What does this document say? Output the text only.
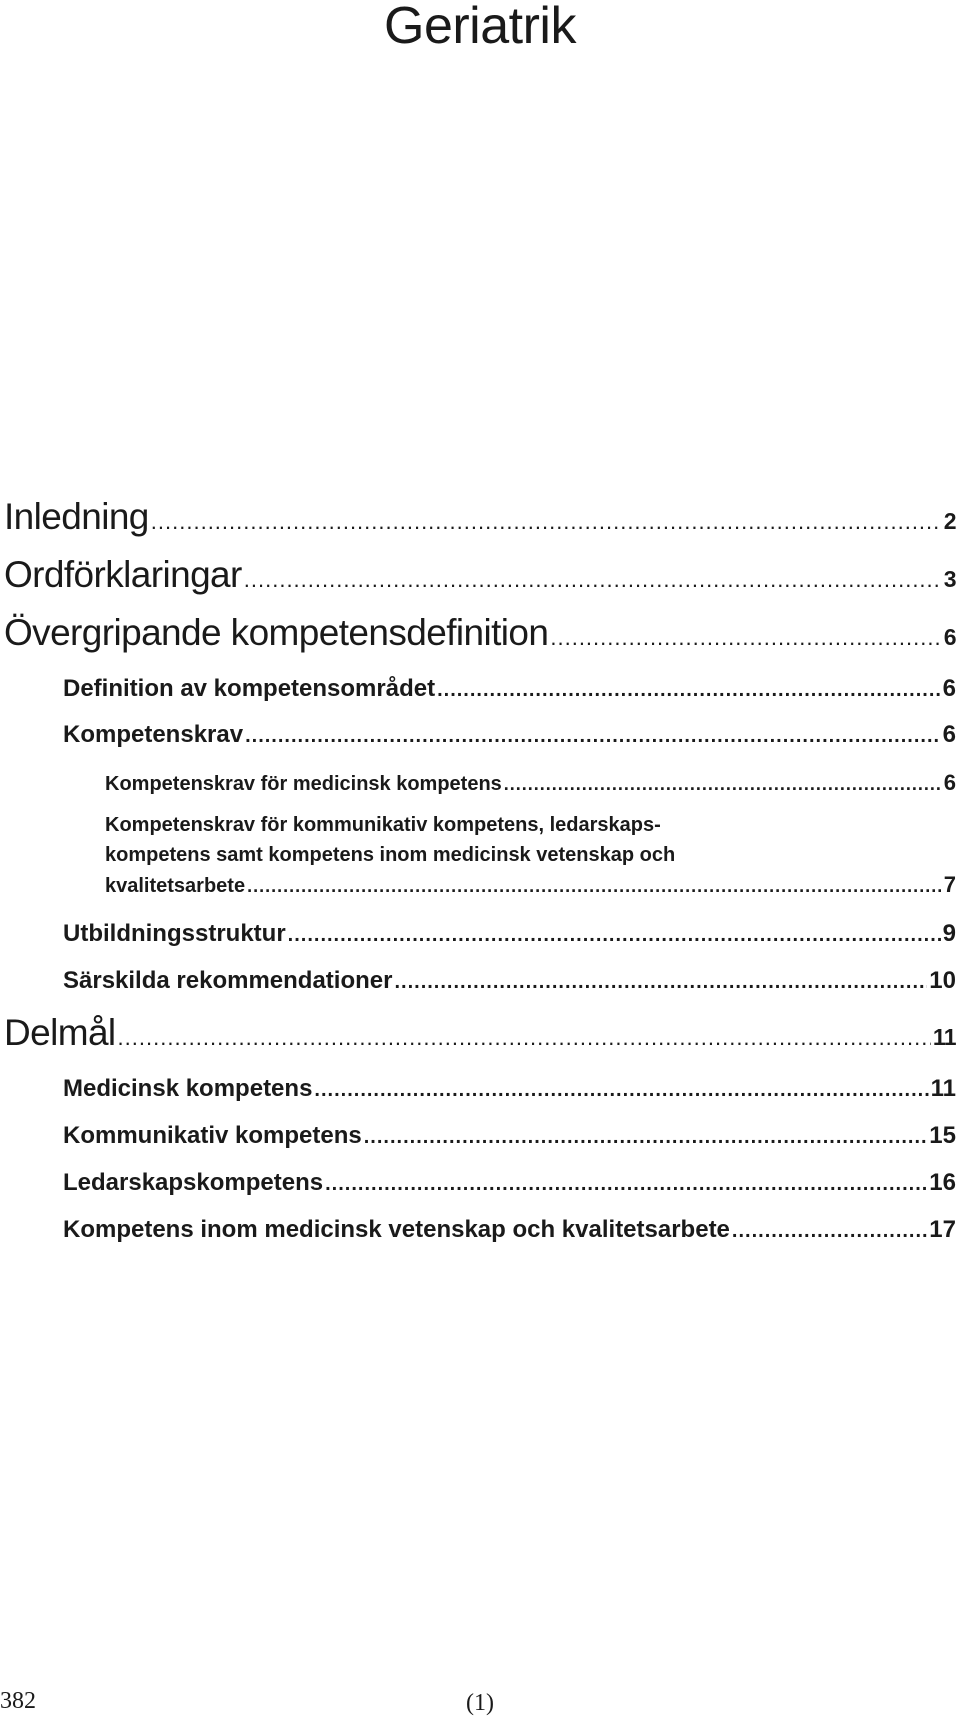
Geriatrik
Inledning .....	2
Ordförklaringar .....	3
Övergripande kompetensdefinition .....	6
Definition av kompetensområdet .....	6
Kompetenskrav .....	6
Kompetenskrav för medicinsk kompetens .....	6
Kompetenskrav för kommunikativ kompetens, ledarskaps-
kompetens samt kompetens inom medicinsk vetenskap och
kvalitetsarbete .....	7
Utbildningsstruktur .....	9
Särskilda rekommendationer .....	10
Delmål .....	11
Medicinsk kompetens .....	11
Kommunikativ kompetens .....	15
Ledarskapskompetens .....	16
Kompetens inom medicinsk vetenskap och kvalitetsarbete .....	17
382	(1)
